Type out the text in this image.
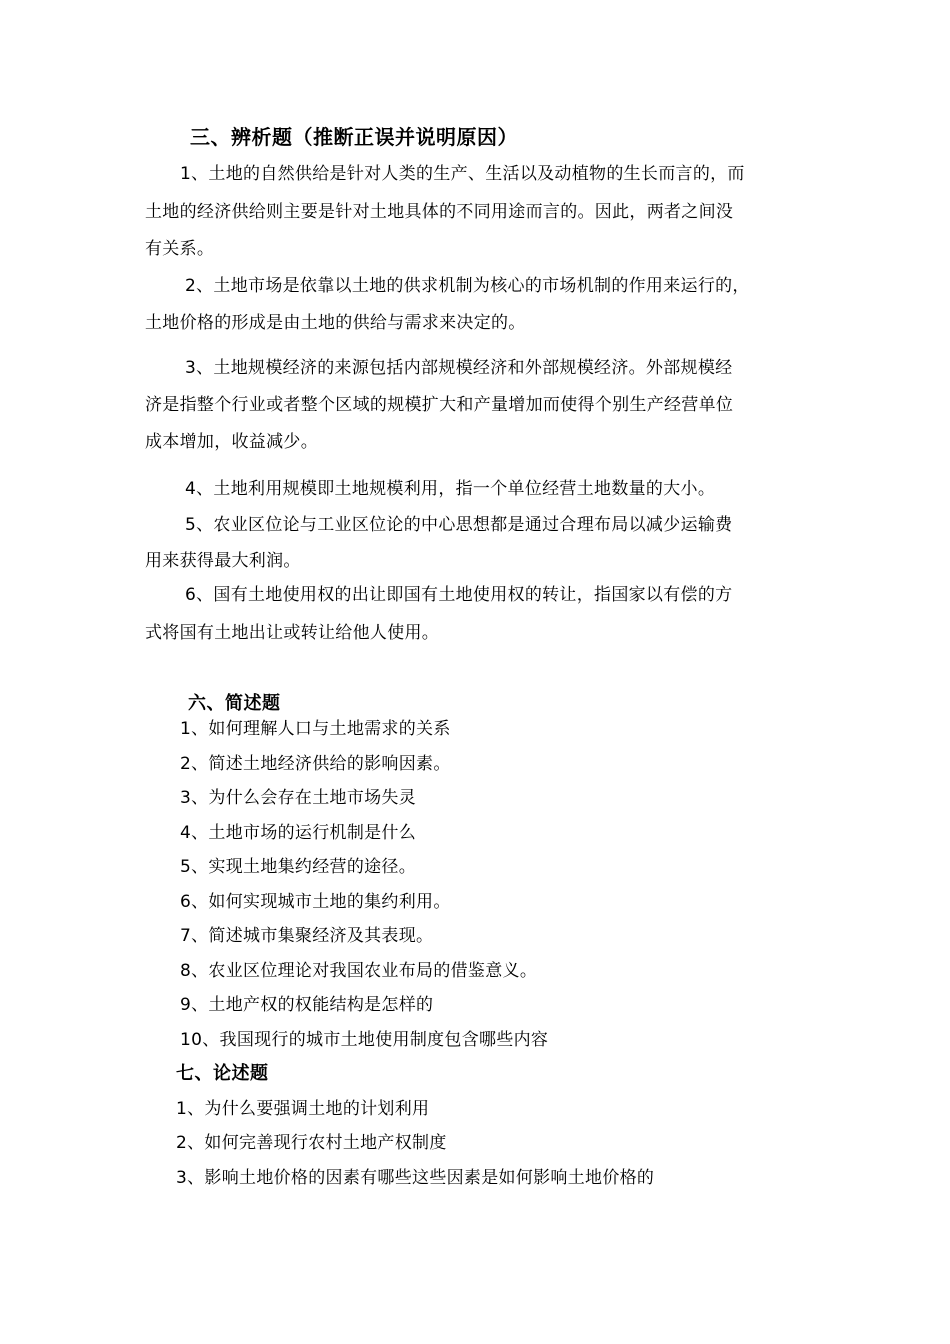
三、辨析题（推断正误并说明原因）
1、土地的自然供给是针对人类的生产、生活以及动植物的生长而言的，而
土地的经济供给则主要是针对土地具体的不同用途而言的。因此，两者之间没
有关系。
2、土地市场是依靠以土地的供求机制为核心的市场机制的作用来运行的，
土地价格的形成是由土地的供给与需求来决定的。
3、土地规模经济的来源包括内部规模经济和外部规模经济。外部规模经
济是指整个行业或者整个区域的规模扩大和产量增加而使得个别生产经营单位
成本增加，收益减少。
4、土地利用规模即土地规模利用，指一个单位经营土地数量的大小。
5、农业区位论与工业区位论的中心思想都是通过合理布局以减少运输费
用来获得最大利润。
6、国有土地使用权的出让即国有土地使用权的转让，指国家以有偿的方
式将国有土地出让或转让给他人使用。
六、简述题
1、如何理解人口与土地需求的关系
2、简述土地经济供给的影响因素。
3、为什么会存在土地市场失灵
4、土地市场的运行机制是什么
5、实现土地集约经营的途径。
6、如何实现城市土地的集约利用。
7、简述城市集聚经济及其表现。
8、农业区位理论对我国农业布局的借鉴意义。
9、土地产权的权能结构是怎样的
10、我国现行的城市土地使用制度包含哪些内容
七、论述题
1、为什么要强调土地的计划利用
2、如何完善现行农村土地产权制度
3、影响土地价格的因素有哪些这些因素是如何影响土地价格的
